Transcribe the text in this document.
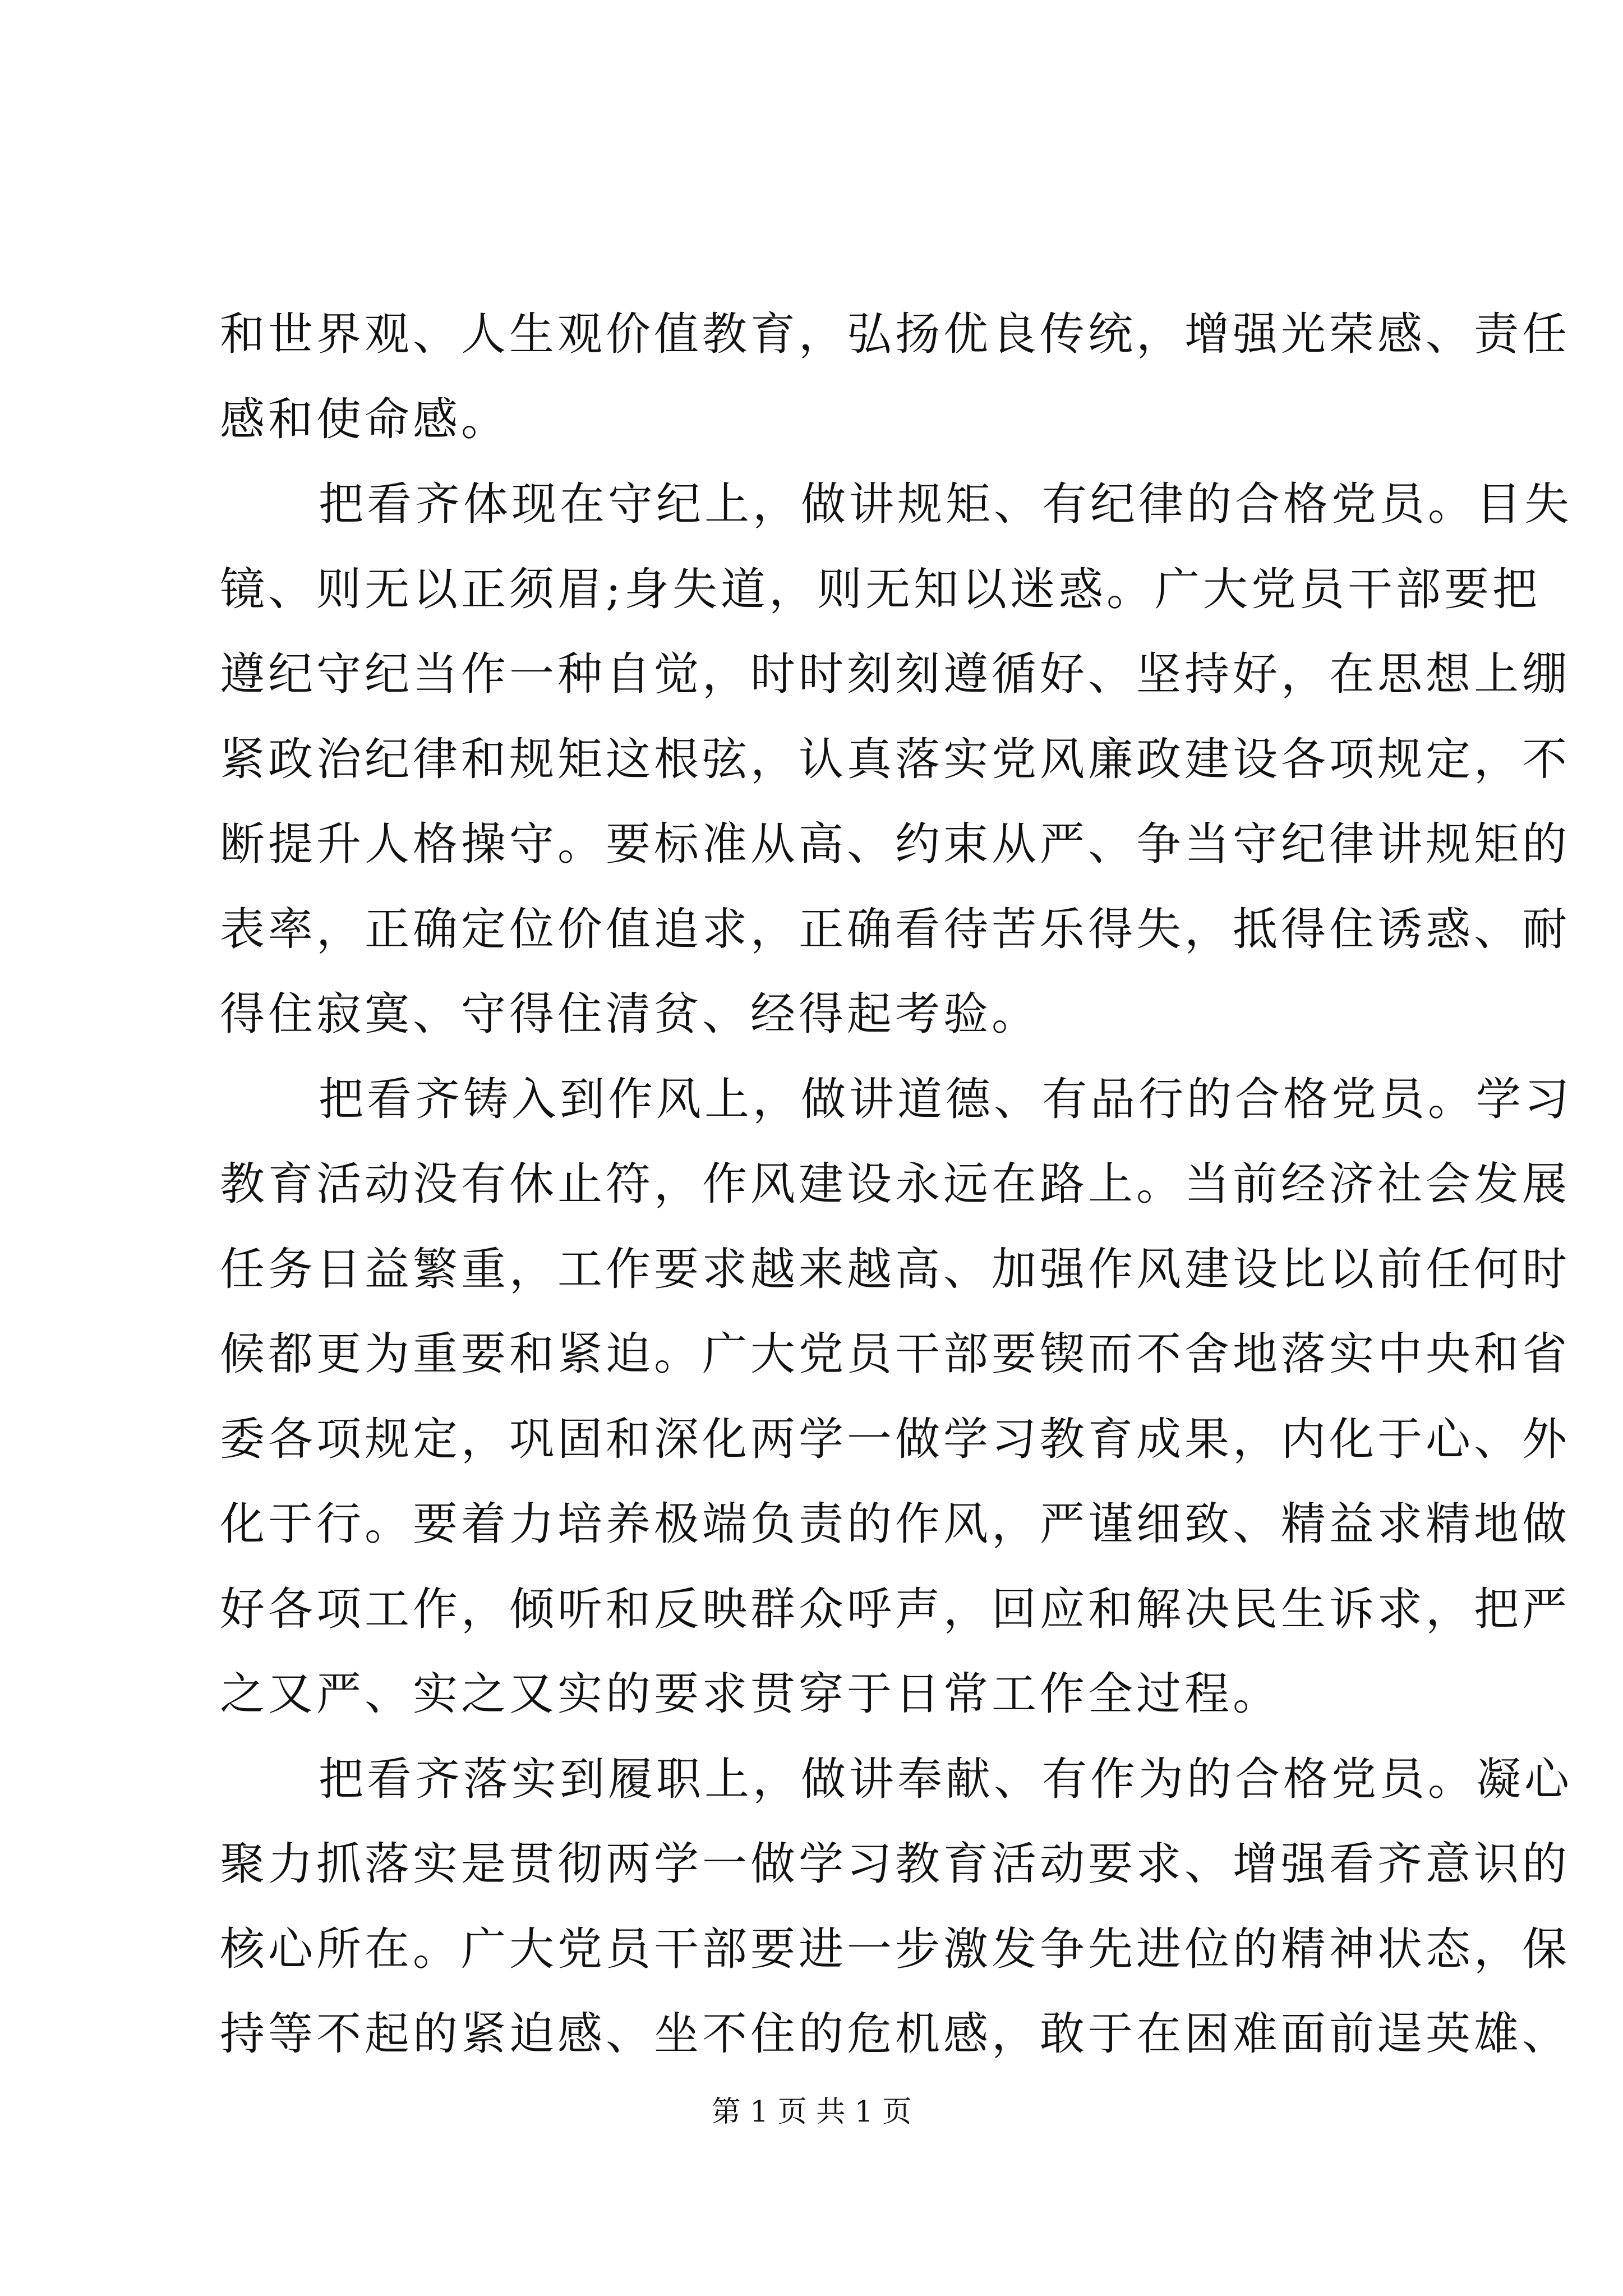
和世界观、人生观价值教育，弘扬优良传统，增强光荣感、责任
感和使命感。
把看齐体现在守纪上，做讲规矩、有纪律的合格党员。目失
镜、则无以正须眉;身失道，则无知以迷惑。广大党员干部要把
遵纪守纪当作一种自觉，时时刻刻遵循好、坚持好，在思想上绷
紧政治纪律和规矩这根弦，认真落实党风廉政建设各项规定，不
断提升人格操守。要标准从高、约束从严、争当守纪律讲规矩的
表率，正确定位价值追求，正确看待苦乐得失，抵得住诱惑、耐
得住寂寞、守得住清贫、经得起考验。
把看齐铸入到作风上，做讲道德、有品行的合格党员。学习
教育活动没有休止符，作风建设永远在路上。当前经济社会发展
任务日益繁重，工作要求越来越高、加强作风建设比以前任何时
候都更为重要和紧迫。广大党员干部要锲而不舍地落实中央和省
委各项规定，巩固和深化两学一做学习教育成果，内化于心、外
化于行。要着力培养极端负责的作风，严谨细致、精益求精地做
好各项工作，倾听和反映群众呼声，回应和解决民生诉求，把严
之又严、实之又实的要求贯穿于日常工作全过程。
把看齐落实到履职上，做讲奉献、有作为的合格党员。凝心
聚力抓落实是贯彻两学一做学习教育活动要求、增强看齐意识的
核心所在。广大党员干部要进一步激发争先进位的精神状态，保
持等不起的紧迫感、坐不住的危机感，敢于在困难面前逞英雄、
第 1 页 共 1 页
